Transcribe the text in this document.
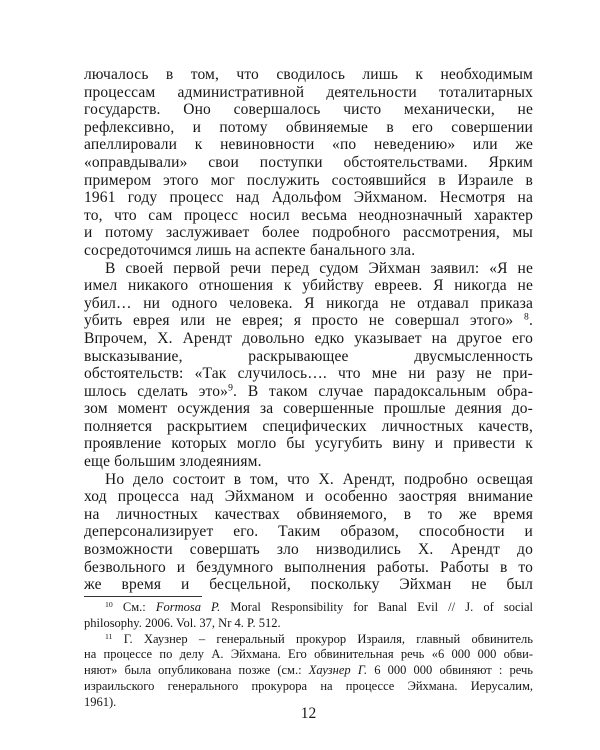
лючалось в том, что сводилось лишь к необходимым
процессам административной деятельности тоталитарных
государств. Оно совершалось чисто механически, не
рефлексивно, и потому обвиняемые в его совершении
апеллировали к невиновности «по неведению» или же
«оправдывали» свои поступки обстоятельствами. Ярким
примером этого мог послужить состоявшийся в Израиле в
1961 году процесс над Адольфом Эйхманом. Несмотря на
то, что сам процесс носил весьма неоднозначный характер
и потому заслуживает более подробного рассмотрения, мы
сосредоточимся лишь на аспекте банального зла.
В своей первой речи перед судом Эйхман заявил: «Я не
имел никакого отношения к убийству евреев. Я никогда не
убил… ни одного человека. Я никогда не отдавал приказа
убить еврея или не еврея; я просто не совершал этого» $^8$.
Впрочем, Х. Арендт довольно едко указывает на другое его
высказывание, раскрывающее двусмысленность
обстоятельств: «Так случилось…. что мне ни разу не при-
шлось сделать это»$^9$. В таком случае парадоксальным обра-
зом момент осуждения за совершенные прошлые деяния до-
полняется раскрытием специфических личностных качеств,
проявление которых могло бы усугубить вину и привести к
еще большим злодеяниям.
Но дело состоит в том, что Х. Арендт, подробно освещая
ход процесса над Эйхманом и особенно заостряя внимание
на личностных качествах обвиняемого, в то же время
деперсонализирует его. Таким образом, способности и
возможности совершать зло низводились Х. Арендт до
безвольного и бездумного выполнения работы. Работы в то
же время и бесцельной, поскольку Эйхман не был
$^{10}$ См.: Formosa P. Moral Responsibility for Banal Evil // J. of social
philosophy. 2006. Vol. 37, Nr 4. P. 512.
$^{11}$ Г. Хаузнер – генеральный прокурор Израиля, главный обвинитель
на процессе по делу А. Эйхмана. Его обвинительная речь «6 000 000 обви-
няют» была опубликована позже (см.: Хаузнер Г. 6 000 000 обвиняют : речь
израильского генерального прокурора на процессе Эйхмана. Иерусалим,
1961).
12
